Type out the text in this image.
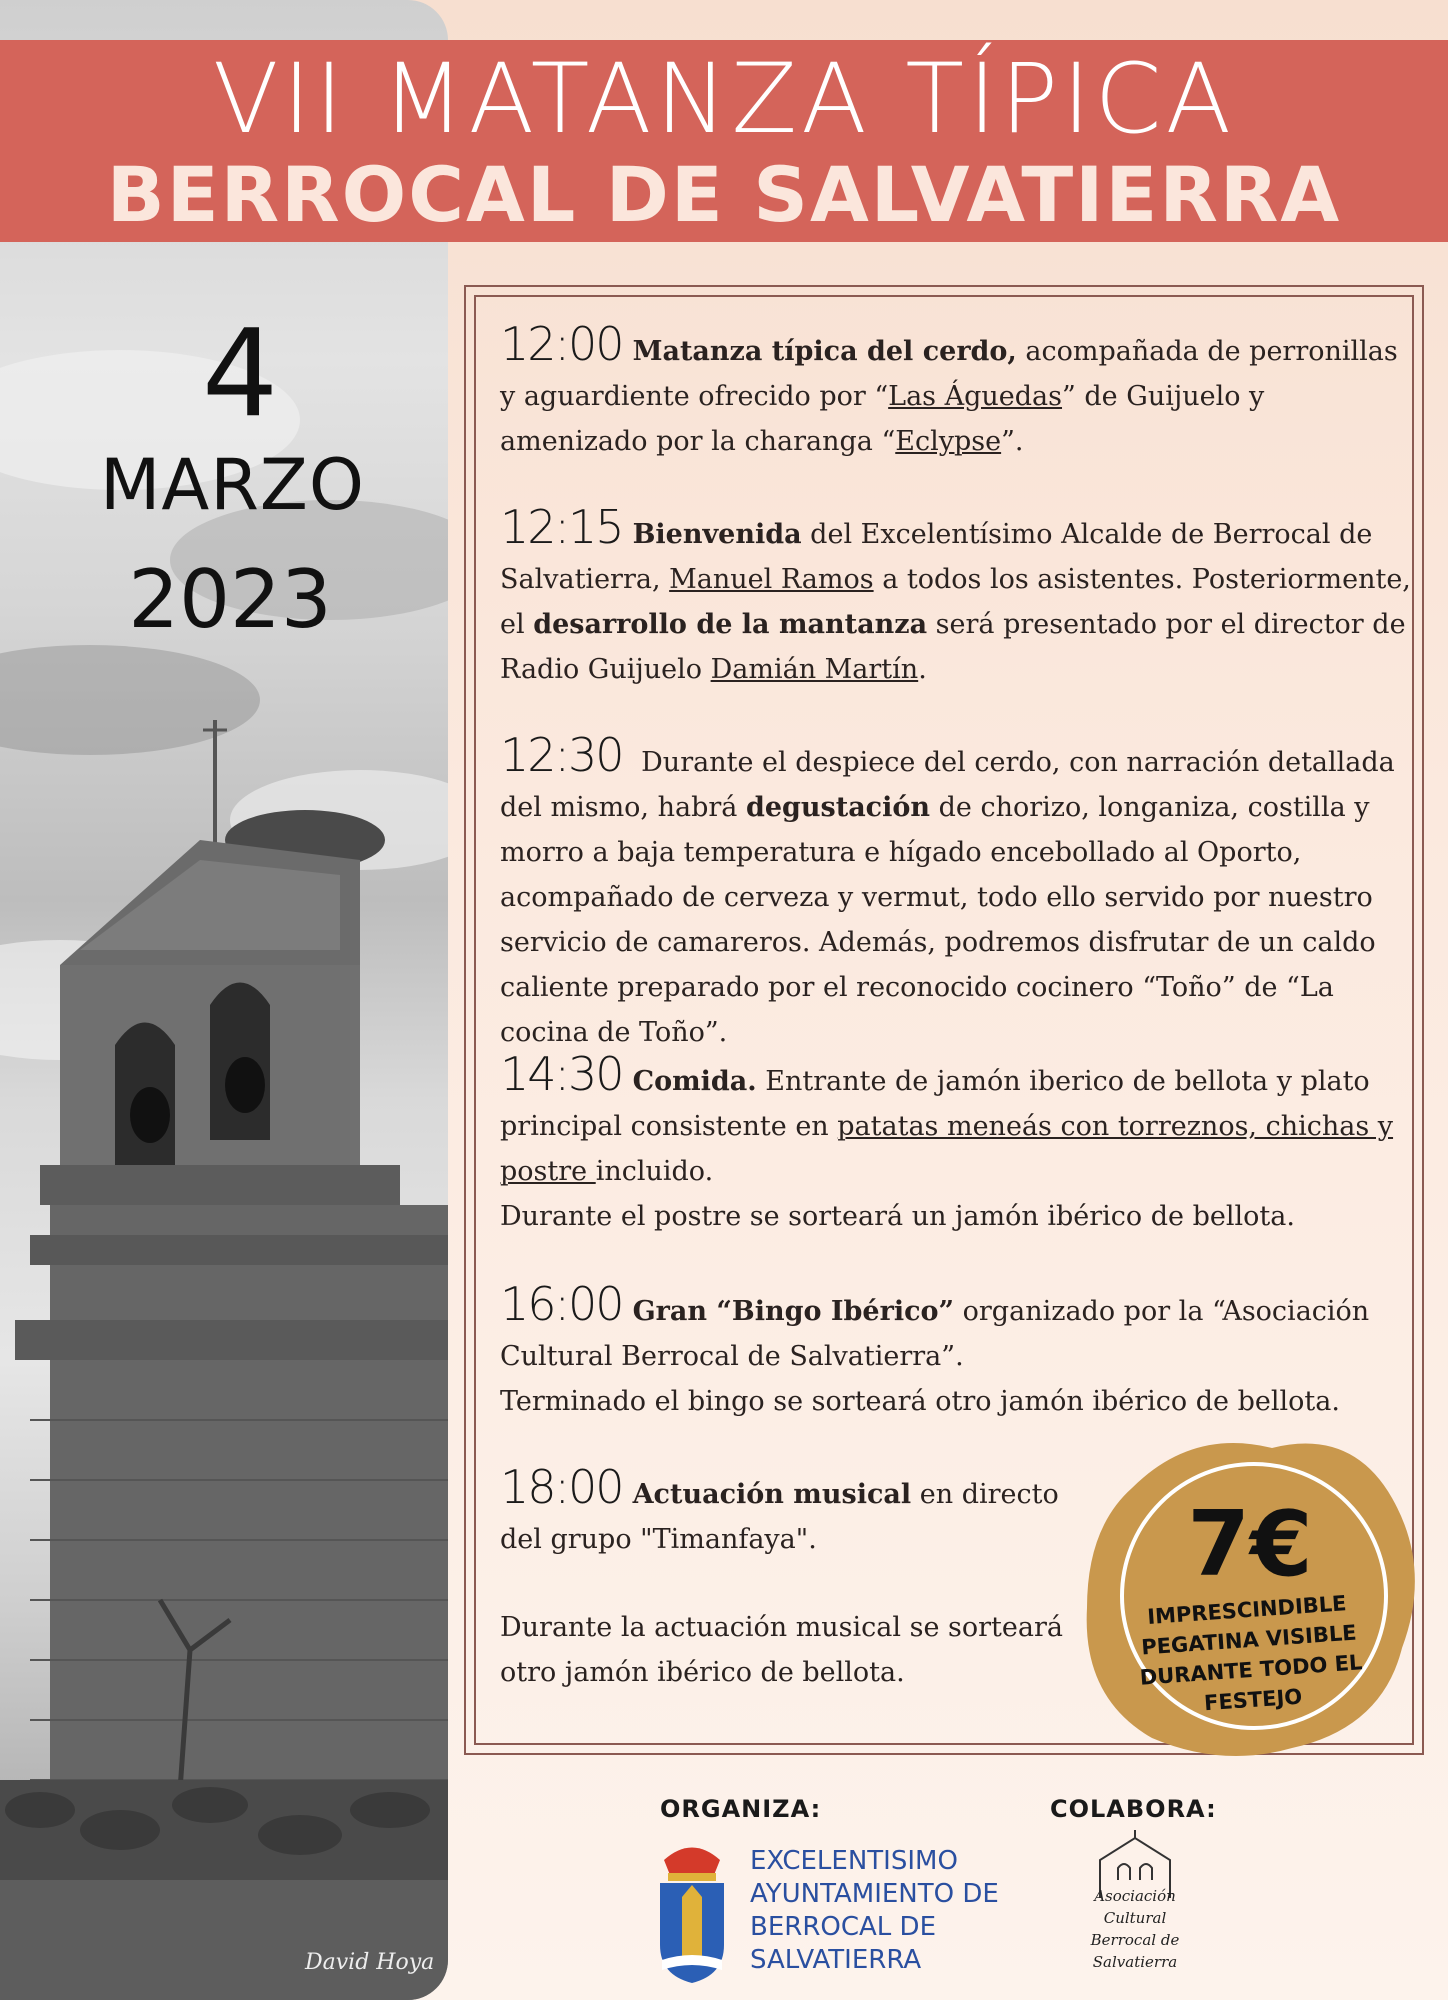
David Hoya
VII MATANZA TÍPICA
BERROCAL DE SALVATIERRA
4
MARZO
2023

12:00 Matanza típica del cerdo, acompañada de perronillas y aguardiente ofrecido por “Las Águedas” de Guijuelo y amenizado por la charanga “Eclypse”.

12:15 Bienvenida del Excelentísimo Alcalde de Berrocal de Salvatierra, Manuel Ramos a todos los asistentes. Posteriormente, el desarrollo de la mantanza será presentado por el director de Radio Guijuelo Damián Martín.

12:30 Durante el despiece del cerdo, con narración detallada del mismo, habrá degustación de chorizo, longaniza, costilla y morro a baja temperatura e hígado encebollado al Oporto, acompañado de cerveza y vermut, todo ello servido por nuestro servicio de camareros. Además, podremos disfrutar de un caldo caliente preparado por el reconocido cocinero “Toño” de “La cocina de Toño”.

14:30 Comida. Entrante de jamón iberico de bellota y plato principal consistente en patatas meneás con torreznos, chichas y postre incluido.
Durante el postre se sorteará un jamón ibérico de bellota.

16:00 Gran “Bingo Ibérico” organizado por la “Asociación Cultural Berrocal de Salvatierra”.
Terminado el bingo se sorteará otro jamón ibérico de bellota.

18:00 Actuación musical en directo del grupo "Timanfaya".

Durante la actuación musical se sorteará otro jamón ibérico de bellota.

7€
IMPRESCINDIBLE PEGATINA VISIBLE DURANTE TODO EL FESTEJO
ORGANIZA:	COLABORA:
EXCELENTISIMO AYUNTAMIENTO DE BERROCAL DE SALVATIERRA
Asociación Cultural Berrocal de Salvatierra
